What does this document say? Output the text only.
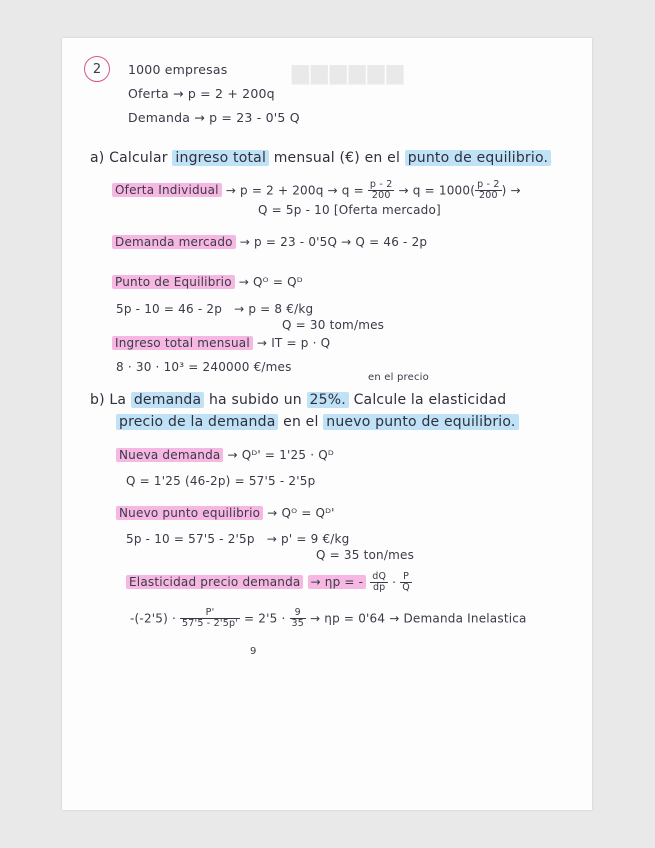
▆▆▆▆▆▆
2 1000 empresas
Oferta → p = 2 + 200q
Demanda → p = 23 - 0'5 Q
a) Calcular ingreso total mensual (€) en el punto de equilibrio.
Oferta Individual → $p = 2 + 200q \to q = \frac{p - 2}{200} \to q = 1000( \frac{p - 2}{200}$ ) →
Q = 5p - 10 [Oferta mercado]
Demanda mercado → p = 23 - 0'5Q → Q = 46 - 2p
Punto de Equilibrio → Qᴼ = Qᴰ
5p - 10 = 46 - 2p → p = 8 €/kg
Q = 30 tom/mes
Ingreso total mensual → IT = p · Q
8 · 30 · 10³ = 240000 €/mes
en el precio
b) La demanda ha subido un 25%. Calcule la elasticidad
precio de la demanda en el nuevo punto de equilibrio.
Nueva demanda → Qᴰ' = 1'25 · Qᴰ
Q = 1'25 (46-2p) = 57'5 - 2'5p
Nuevo punto equilibrio → Qᴼ = Qᴰ'
5p - 10 = 57'5 - 2'5p → p' = 9 €/kg
Q = 35 ton/mes
Elasticidad precio demanda → ηp = - $\frac{dQ}{dp} \cdot \frac{P}{Q}$
$-(-2'5) \cdot \frac{P'}{57'5 - 2'5p'} = 2'5 \cdot \frac{9}{35} \to \eta p = 0'64$ → Demanda Inelastica
9
